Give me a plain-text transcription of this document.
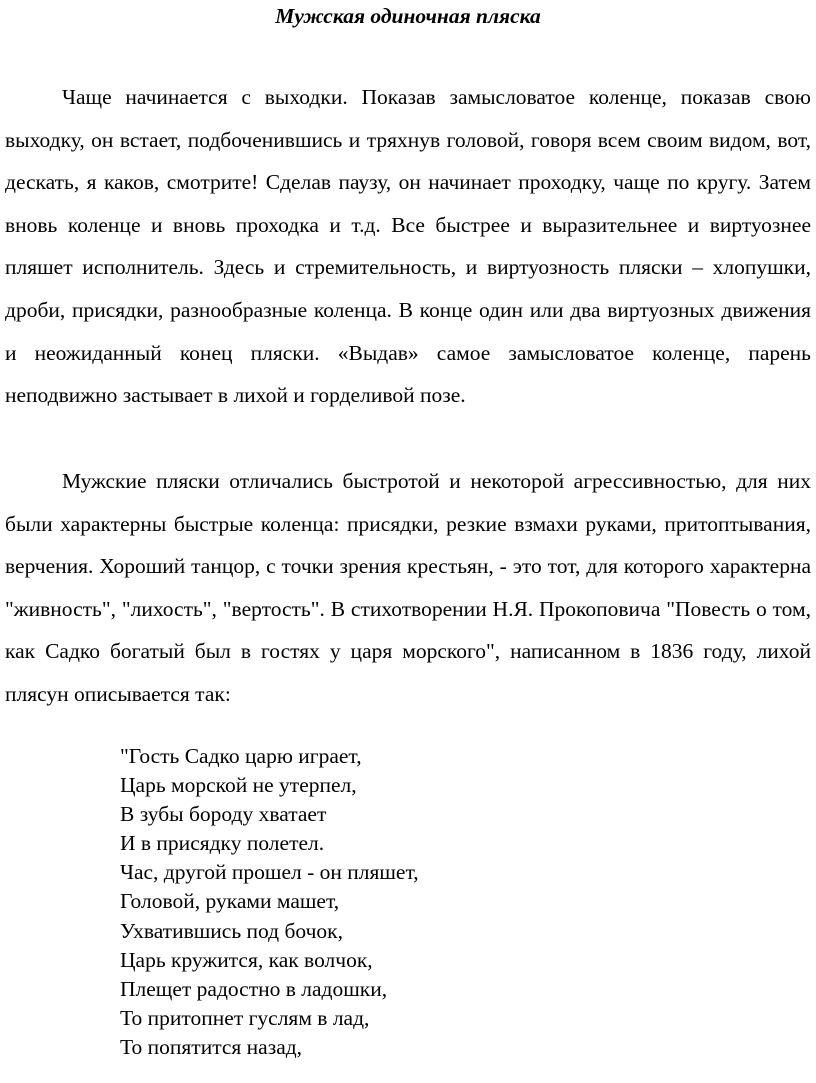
Мужская одиночная пляска

Чаще начинается с выходки. Показав замысловатое коленце, показав свою выходку, он встает, подбоченившись и тряхнув головой, говоря всем своим видом, вот, дескать, я каков, смотрите! Сделав паузу, он начинает проходку, чаще по кругу. Затем вновь коленце и вновь проходка и т.д. Все быстрее и выразительнее и виртуознее пляшет исполнитель. Здесь и стремительность, и виртуозность пляски – хлопушки, дроби, присядки, разнообразные коленца. В конце один или два виртуозных движения и неожиданный конец пляски. «Выдав» самое замысловатое коленце, парень неподвижно застывает в лихой и горделивой позе.

Мужские пляски отличались быстротой и некоторой агрессивностью, для них были характерны быстрые коленца: присядки, резкие взмахи руками, притоптывания, верчения. Хороший танцор, с точки зрения крестьян, - это тот, для которого характерна "живность", "лихость", "вертость". В стихотворении Н.Я. Прокоповича "Повесть о том, как Садко богатый был в гостях у царя морского", написанном в 1836 году, лихой плясун описывается так:

"Гость Садко царю играет,
Царь морской не утерпел,
В зубы бороду хватает
И в присядку полетел.
Час, другой прошел - он пляшет,
Головой, руками машет,
Ухватившись под бочок,
Царь кружится, как волчок,
Плещет радостно в ладошки,
То притопнет гуслям в лад,
То попятится назад,
